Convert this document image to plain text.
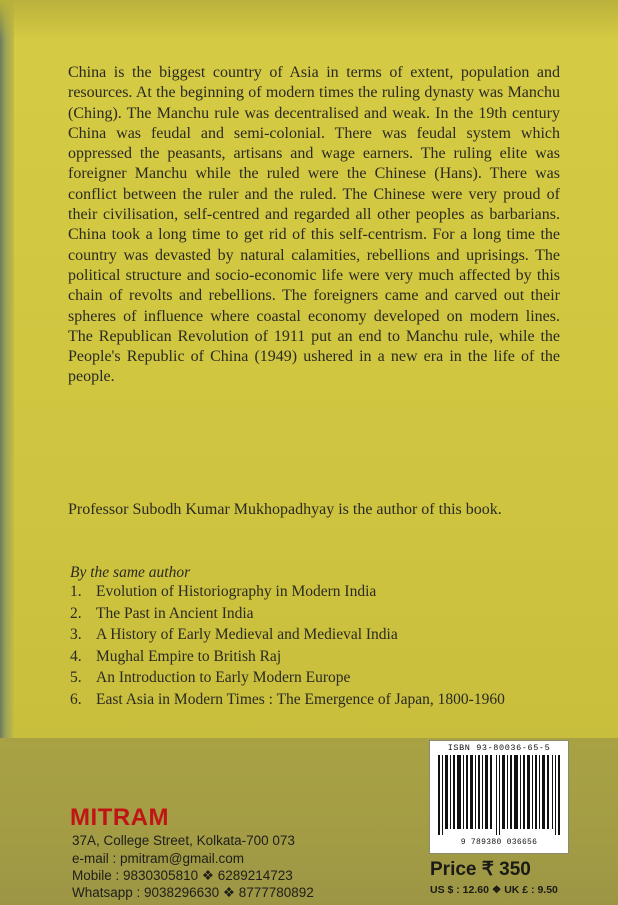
China is the biggest country of Asia in terms of extent, population and resources. At the beginning of modern times the ruling dynasty was Manchu (Ching). The Manchu rule was decentralised and weak. In the 19th century China was feudal and semi-colonial. There was feudal system which oppressed the peasants, artisans and wage earners. The ruling elite was foreigner Manchu while the ruled were the Chinese (Hans). There was conflict between the ruler and the ruled. The Chinese were very proud of their civilisation, self-centred and regarded all other peoples as barbarians. China took a long time to get rid of this self-centrism. For a long time the country was devasted by natural calamities, rebellions and uprisings. The political structure and socio-economic life were very much affected by this chain of revolts and rebellions. The foreigners came and carved out their spheres of influence where coastal economy developed on modern lines. The Republican Revolution of 1911 put an end to Manchu rule, while the People's Republic of China (1949) ushered in a new era in the life of the people.

Professor Subodh Kumar Mukhopadhyay is the author of this book.

By the same author
1. Evolution of Historiography in Modern India
2. The Past in Ancient India
3. A History of Early Medieval and Medieval India
4. Mughal Empire to British Raj
5. An Introduction to Early Modern Europe
6. East Asia in Modern Times : The Emergence of Japan, 1800-1960
MITRAM
37A, College Street, Kolkata-700 073
e-mail : pmitram@gmail.com
Mobile : 9830305810 ❖ 6289214723
Whatsapp : 9038296630 ❖ 8777780892
ISBN 93-80036-65-5
9 789380 036656
Price ₹ 350
US $ : 12.60 ❖ UK £ : 9.50
